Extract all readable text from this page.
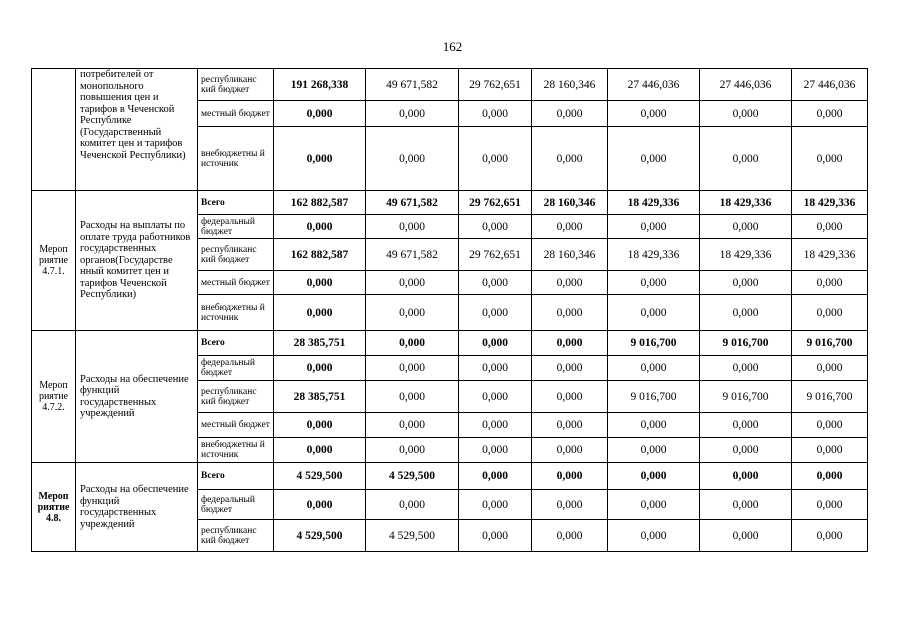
162
	потребителей от монопольного повышения цен и тарифов в Чеченской Республике (Государственный комитет цен и тарифов Чеченской Республики)	республиканс кий бюджет	191 268,338	49 671,582	29 762,651	28 160,346	27 446,036	27 446,036	27 446,036
		местный бюджет	0,000	0,000	0,000	0,000	0,000	0,000	0,000
		внебюджетны й источник	0,000	0,000	0,000	0,000	0,000	0,000	0,000
Мероп риятие 4.7.1.	Расходы на выплаты по оплате труда работников государственных органов(Государстве нный комитет цен и тарифов Чеченской Республики)	Всего	162 882,587	49 671,582	29 762,651	28 160,346	18 429,336	18 429,336	18 429,336
		федеральный бюджет	0,000	0,000	0,000	0,000	0,000	0,000	0,000
		республиканс кий бюджет	162 882,587	49 671,582	29 762,651	28 160,346	18 429,336	18 429,336	18 429,336
		местный бюджет	0,000	0,000	0,000	0,000	0,000	0,000	0,000
		внебюджетны й источник	0,000	0,000	0,000	0,000	0,000	0,000	0,000
Мероп риятие 4.7.2.	Расходы на обеспечение функций государственных учреждений	Всего	28 385,751	0,000	0,000	0,000	9 016,700	9 016,700	9 016,700
		федеральный бюджет	0,000	0,000	0,000	0,000	0,000	0,000	0,000
		республиканс кий бюджет	28 385,751	0,000	0,000	0,000	9 016,700	9 016,700	9 016,700
		местный бюджет	0,000	0,000	0,000	0,000	0,000	0,000	0,000
		внебюджетны й источник	0,000	0,000	0,000	0,000	0,000	0,000	0,000
Мероп риятие 4.8.	Расходы на обеспечение функций государственных учреждений	Всего	4 529,500	4 529,500	0,000	0,000	0,000	0,000	0,000
		федеральный бюджет	0,000	0,000	0,000	0,000	0,000	0,000	0,000
		республиканс кий бюджет	4 529,500	4 529,500	0,000	0,000	0,000	0,000	0,000
